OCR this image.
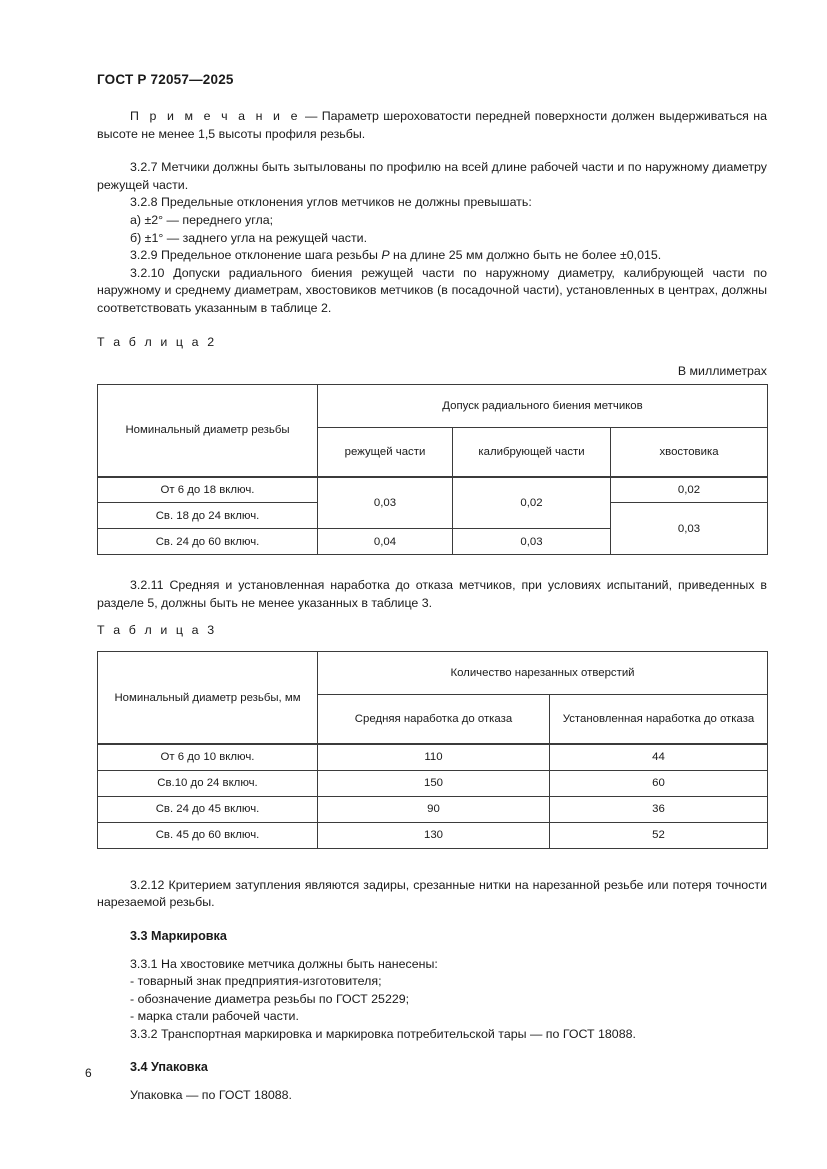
ГОСТ Р 72057—2025

П р и м е ч а н и е — Параметр шероховатости передней поверхности должен выдерживаться на высоте не менее 1,5 высоты профиля резьбы.

3.2.7 Метчики должны быть зытылованы по профилю на всей длине рабочей части и по наружному диаметру режущей части.

3.2.8 Предельные отклонения углов метчиков не должны превышать:

а) ±2° — переднего угла;

б) ±1° — заднего угла на режущей части.

3.2.9 Предельное отклонение шага резьбы P на длине 25 мм должно быть не более ±0,015.

3.2.10 Допуски радиального биения режущей части по наружному диаметру, калибрующей части по наружному и среднему диаметрам, хвостовиков метчиков (в посадочной части), установленных в центрах, должны соответствовать указанным в таблице 2.

Т а б л и ц а 2

В миллиметрах

Номинальный диаметр резьбы	Допуск радиального биения метчиков		
	режущей части	калибрующей части	хвостовика
От 6 до 18 включ.	0,03	0,02	0,02
Св. 18 до 24 включ.			0,03
Св. 24 до 60 включ.	0,04	0,03	

3.2.11 Средняя и установленная наработка до отказа метчиков, при условиях испытаний, приведенных в разделе 5, должны быть не менее указанных в таблице 3.

Т а б л и ц а 3

Номинальный диаметр резьбы, мм	Количество нарезанных отверстий	
	Средняя наработка до отказа	Установленная наработка до отказа
От 6 до 10 включ.	110	44
Св.10 до 24 включ.	150	60
Св. 24 до 45 включ.	90	36
Св. 45 до 60 включ.	130	52

3.2.12 Критерием затупления являются задиры, срезанные нитки на нарезанной резьбе или потеря точности нарезаемой резьбы.

3.3 Маркировка

3.3.1 На хвостовике метчика должны быть нанесены:

- товарный знак предприятия-изготовителя;

- обозначение диаметра резьбы по ГОСТ 25229;

- марка стали рабочей части.

3.3.2 Транспортная маркировка и маркировка потребительской тары — по ГОСТ 18088.

3.4 Упаковка

Упаковка — по ГОСТ 18088.

6
